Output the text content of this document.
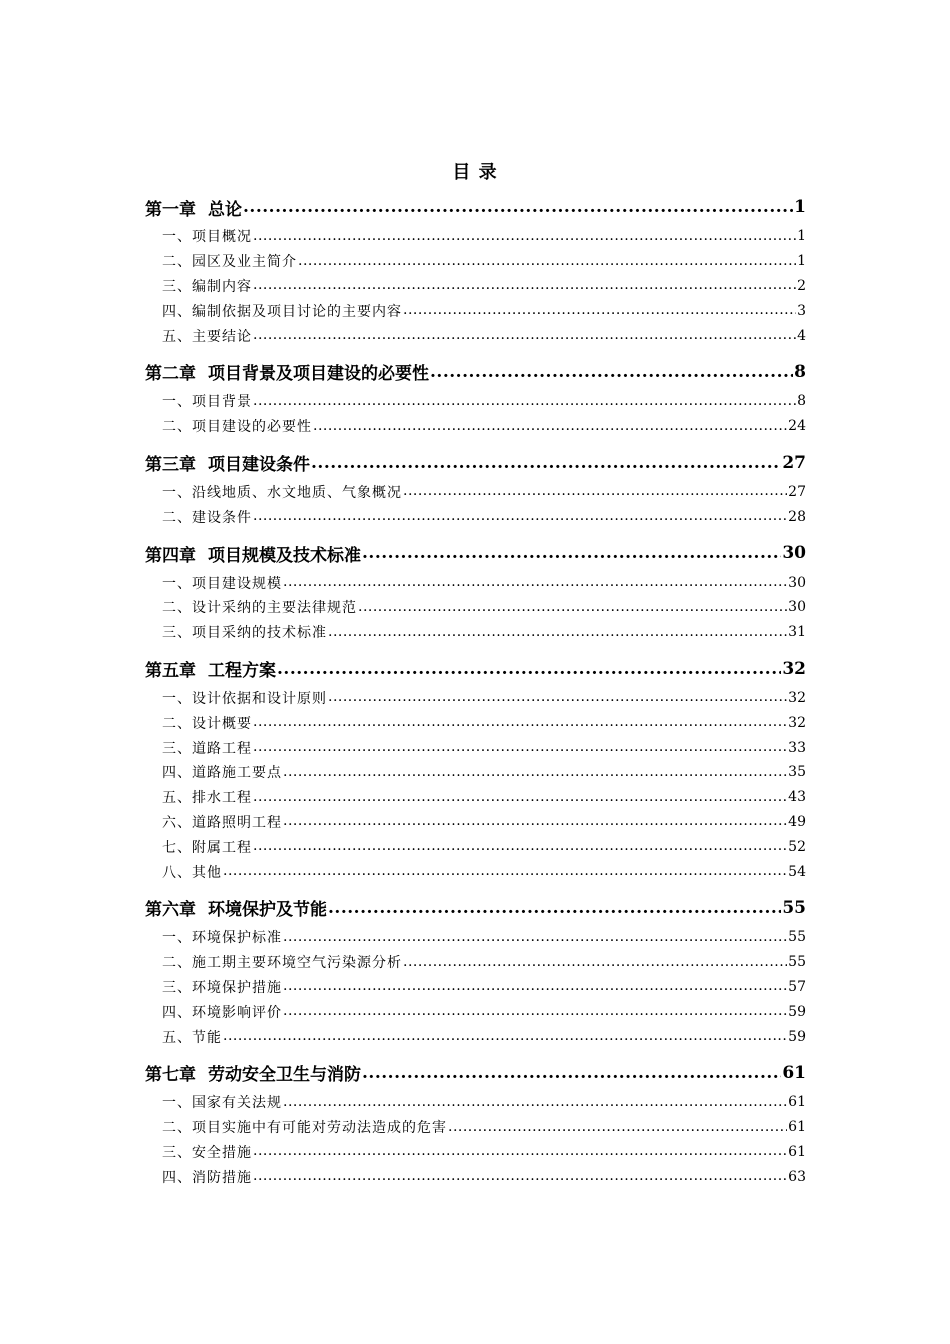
目 录
第一章 总论 .....	1
一、项目概况 .....	1
二、园区及业主简介 .....	1
三、编制内容 .....	2
四、编制依据及项目讨论的主要内容 .....	3
五、主要结论 .....	4
第二章 项目背景及项目建设的必要性 .....	8
一、项目背景 .....	8
二、项目建设的必要性 .....	24
第三章 项目建设条件 .....	27
一、沿线地质、水文地质、气象概况 .....	27
二、建设条件 .....	28
第四章 项目规模及技术标准 .....	30
一、项目建设规模 .....	30
二、设计采纳的主要法律规范 .....	30
三、项目采纳的技术标准 .....	31
第五章 工程方案 .....	32
一、设计依据和设计原则 .....	32
二、设计概要 .....	32
三、道路工程 .....	33
四、道路施工要点 .....	35
五、排水工程 .....	43
六、道路照明工程 .....	49
七、附属工程 .....	52
八、其他 .....	54
第六章 环境保护及节能 .....	55
一、环境保护标准 .....	55
二、施工期主要环境空气污染源分析 .....	55
三、环境保护措施 .....	57
四、环境影响评价 .....	59
五、节能 .....	59
第七章 劳动安全卫生与消防 .....	61
一、国家有关法规 .....	61
二、项目实施中有可能对劳动法造成的危害 .....	61
三、安全措施 .....	61
四、消防措施 .....	63
